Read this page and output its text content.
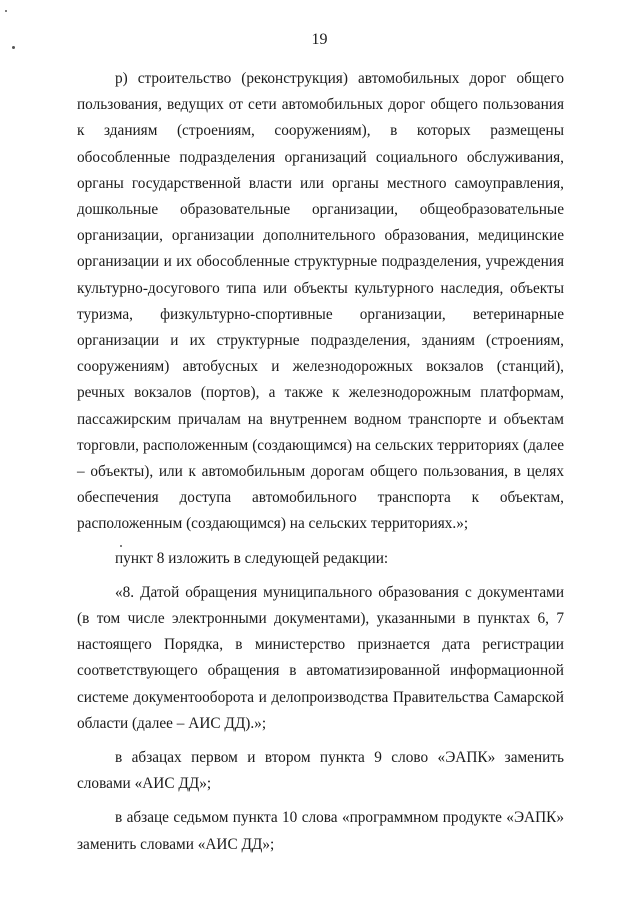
19

р) строительство (реконструкция) автомобильных дорог общего пользования, ведущих от сети автомобильных дорог общего пользования к зданиям (строениям, сооружениям), в которых размещены обособленные подразделения организаций социального обслуживания, органы государственной власти или органы местного самоуправления, дошкольные образовательные организации, общеобразовательные организации, организации дополнительного образования, медицинские организации и их обособленные структурные подразделения, учреждения культурно-досугового типа или объекты культурного наследия, объекты туризма, физкультурно-спортивные организации, ветеринарные организации и их структурные подразделения, зданиям (строениям, сооружениям) автобусных и железнодорожных вокзалов (станций), речных вокзалов (портов), а также к железнодорожным платформам, пассажирским причалам на внутреннем водном транспорте и объектам торговли, расположенным (создающимся) на сельских территориях (далее – объекты), или к автомобильным дорогам общего пользования, в целях обеспечения доступа автомобильного транспорта к объектам, расположенным (создающимся) на сельских территориях.»;

пункт 8 изложить в следующей редакции:

«8. Датой обращения муниципального образования с документами (в том числе электронными документами), указанными в пунктах 6, 7 настоящего Порядка, в министерство признается дата регистрации соответствующего обращения в автоматизированной информационной системе документооборота и делопроизводства Правительства Самарской области (далее – АИС ДД).»;

в абзацах первом и втором пункта 9 слово «ЭАПК» заменить словами «АИС ДД»;

в абзаце седьмом пункта 10 слова «программном продукте «ЭАПК» заменить словами «АИС ДД»;
